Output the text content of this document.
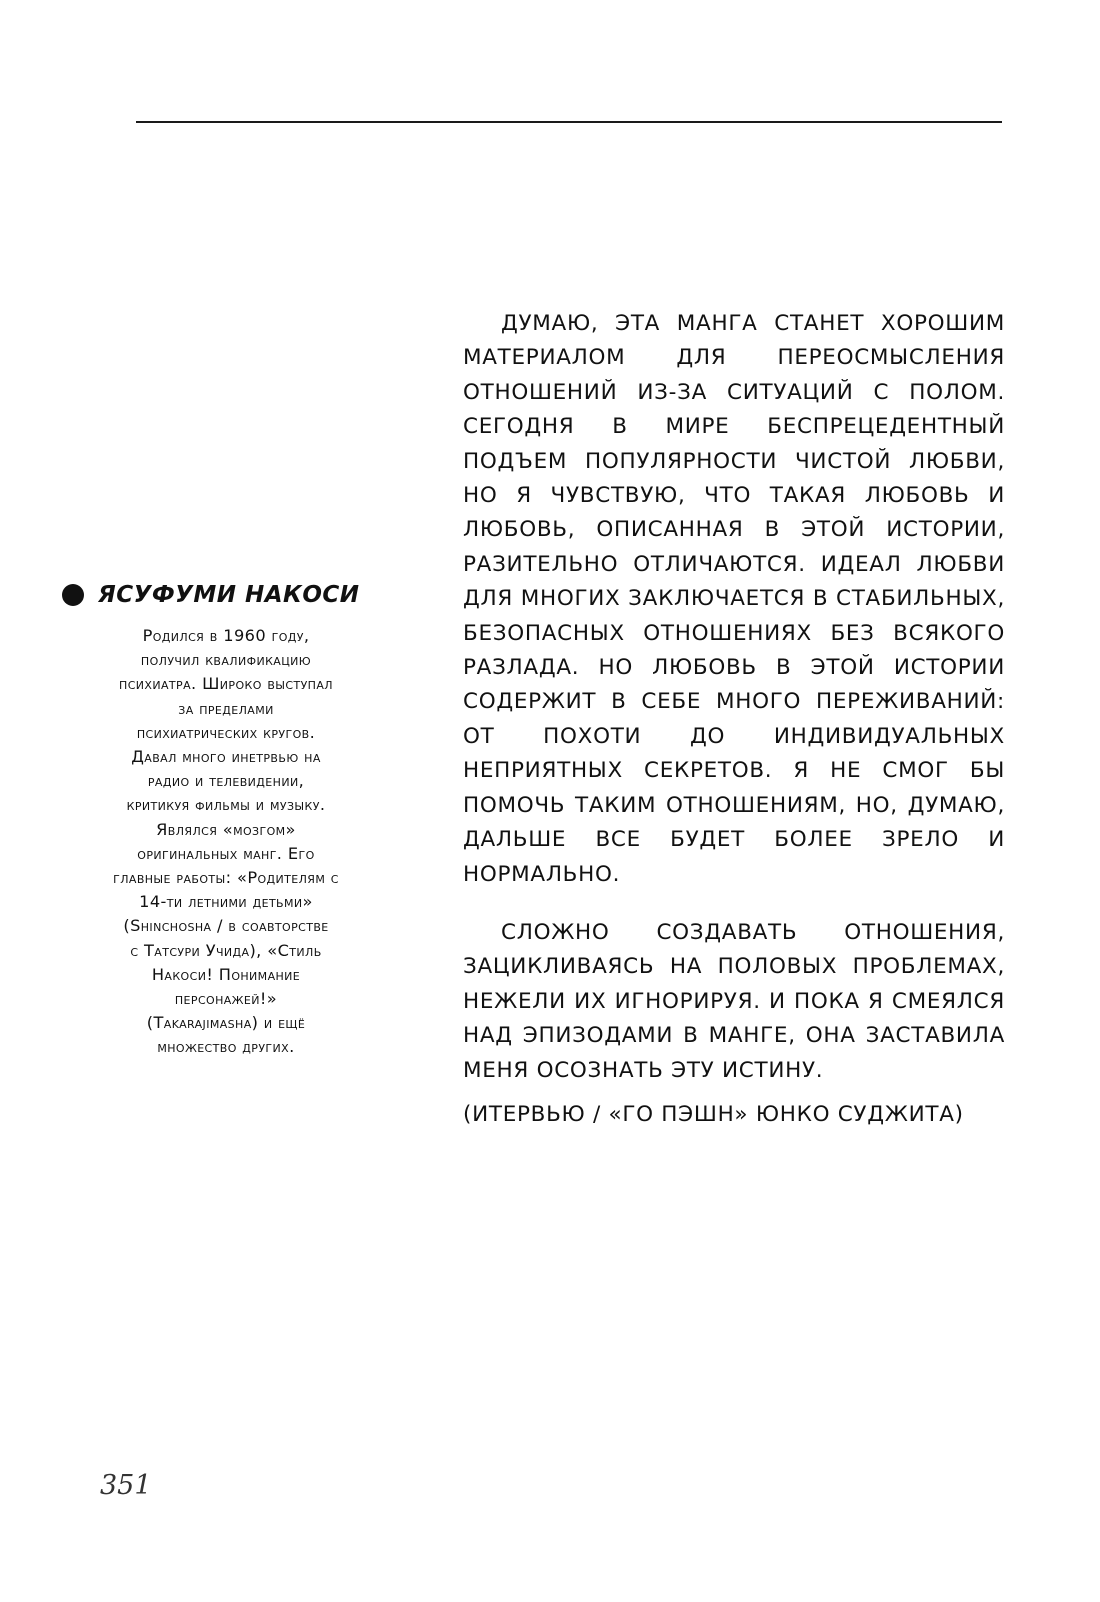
ЯСУФУМИ НАКОСИ
Родился в 1960 году,
получил квалификацию
психиатра. Широко выступал
за пределами
психиатрических кругов.
Давал много инетрвью на
радио и телевидении,
критикуя фильмы и музыку.
Являлся «мозгом»
оригинальных манг. Его
главные работы: «Родителям с
14-ти летними детьми»
(Shinchosha / в соавторстве
с Татсури Учида), «Стиль
Накоси! Понимание
персонажей!»
(Takarajimasha) и ещё
множество других.

ДУМАЮ, ЭТА МАНГА СТАНЕТ ХОРОШИМ МАТЕРИАЛОМ ДЛЯ ПЕРЕОСМЫСЛЕНИЯ ОТНОШЕНИЙ ИЗ-ЗА СИТУАЦИЙ С ПОЛОМ. СЕГОДНЯ В МИРЕ БЕСПРЕЦЕДЕНТНЫЙ ПОДЪЕМ ПОПУЛЯРНОСТИ ЧИСТОЙ ЛЮБВИ, НО Я ЧУВСТВУЮ, ЧТО ТАКАЯ ЛЮБОВЬ И ЛЮБОВЬ, ОПИСАННАЯ В ЭТОЙ ИСТОРИИ, РАЗИТЕЛЬНО ОТЛИЧАЮТСЯ. ИДЕАЛ ЛЮБВИ ДЛЯ МНОГИХ ЗАКЛЮЧАЕТСЯ В СТАБИЛЬНЫХ, БЕЗОПАСНЫХ ОТНОШЕНИЯХ БЕЗ ВСЯКОГО РАЗЛАДА. НО ЛЮБОВЬ В ЭТОЙ ИСТОРИИ СОДЕРЖИТ В СЕБЕ МНОГО ПЕРЕЖИВАНИЙ: ОТ ПОХОТИ ДО ИНДИВИДУАЛЬНЫХ НЕПРИЯТНЫХ СЕКРЕТОВ. Я НЕ СМОГ БЫ ПОМОЧЬ ТАКИМ ОТНОШЕНИЯМ, НО, ДУМАЮ, ДАЛЬШЕ ВСЕ БУДЕТ БОЛЕЕ ЗРЕЛО И НОРМАЛЬНО.

СЛОЖНО СОЗДАВАТЬ ОТНОШЕНИЯ, ЗАЦИКЛИВАЯСЬ НА ПОЛОВЫХ ПРОБЛЕМАХ, НЕЖЕЛИ ИХ ИГНОРИРУЯ. И ПОКА Я СМЕЯЛСЯ НАД ЭПИЗОДАМИ В МАНГЕ, ОНА ЗАСТАВИЛА МЕНЯ ОСОЗНАТЬ ЭТУ ИСТИНУ.

(ИТЕРВЬЮ / «ГО ПЭШН» ЮНКО СУДЖИТА)
351
